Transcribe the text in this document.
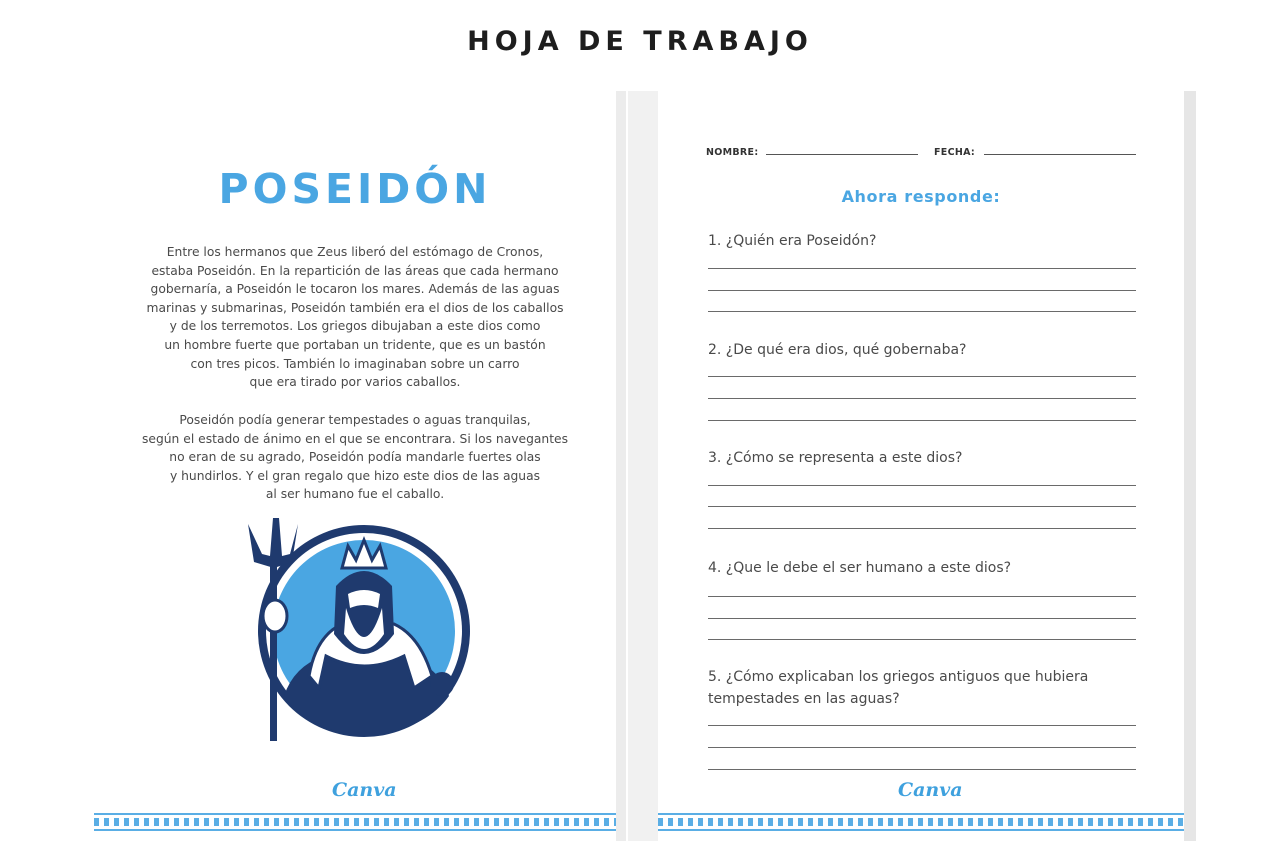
HOJA DE TRABAJO
POSEIDÓN

Entre los hermanos que Zeus liberó del estómago de Cronos,
estaba Poseidón. En la repartición de las áreas que cada hermano
gobernaría, a Poseidón le tocaron los mares. Además de las aguas
marinas y submarinas, Poseidón también era el dios de los caballos
y de los terremotos. Los griegos dibujaban a este dios como
un hombre fuerte que portaban un tridente, que es un bastón
con tres picos. También lo imaginaban sobre un carro
que era tirado por varios caballos.

Poseidón podía generar tempestades o aguas tranquilas,
según el estado de ánimo en el que se encontrara. Si los navegantes
no eran de su agrado, Poseidón podía mandarle fuertes olas
y hundirlos. Y el gran regalo que hizo este dios de las aguas
al ser humano fue el caballo.

Canva
NOMBRE:	FECHA:
Ahora responde:

1. ¿Quién era Poseidón?

2. ¿De qué era dios, qué gobernaba?

3. ¿Cómo se representa a este dios?

4. ¿Que le debe el ser humano a este dios?

5. ¿Cómo explicaban los griegos antiguos que hubiera
tempestades en las aguas?

Canva
